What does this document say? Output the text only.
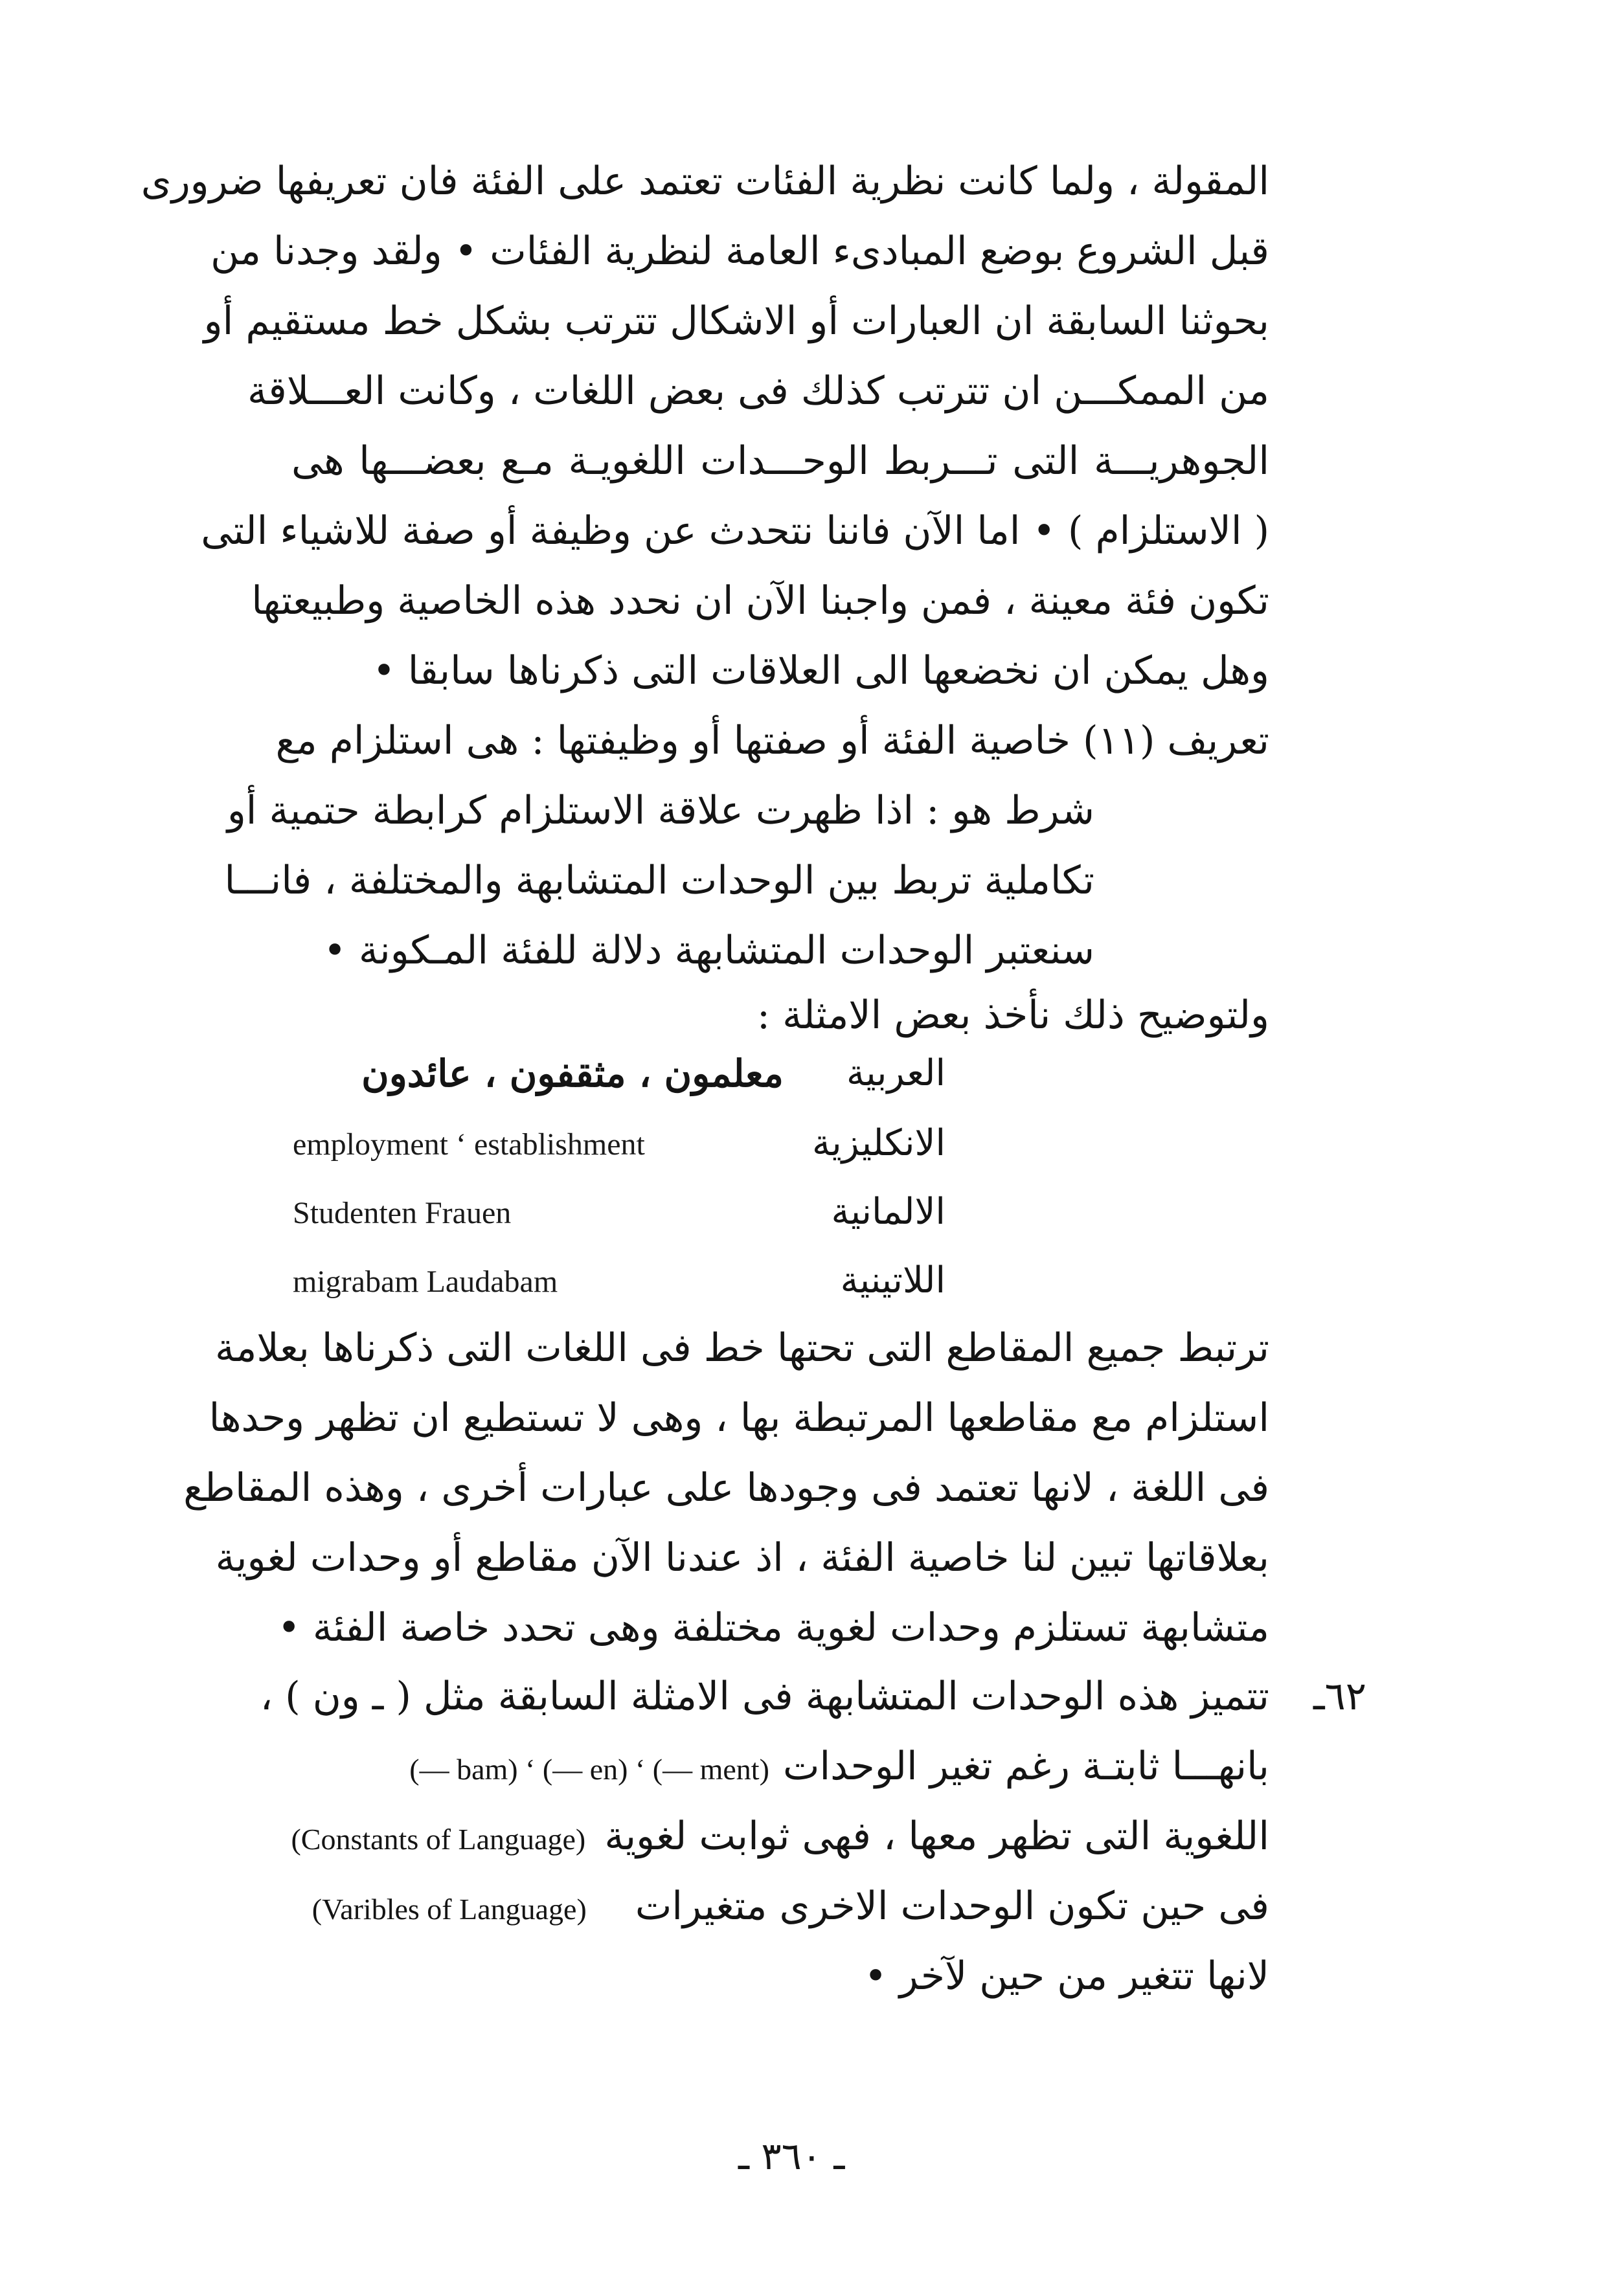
المقولة ، ولما كانت نظرية الفئات تعتمد على الفئة فان تعريفها ضرورى
قبل الشروع بوضع المبادىء العامة لنظرية الفئات • ولقد وجدنا من
بحوثنا السابقة ان العبارات أو الاشكال تترتب بشكل خط مستقيم أو
من الممكـــن ان تترتب كذلك فى بعض اللغات ، وكانت العـــلاقة
الجوهريـــة التى تـــربط الوحـــدات اللغويـة مـع بعضـــها هى
( الاستلزام ) • اما الآن فاننا نتحدث عن وظيفة أو صفة للاشياء التى
تكون فئة معينة ، فمن واجبنا الآن ان نحدد هذه الخاصية وطبيعتها
وهل يمكن ان نخضعها الى العلاقات التى ذكرناها سابقا •
تعريف (١١) خاصية الفئة أو صفتها أو وظيفتها : هى استلزام مع
شرط هو : اذا ظهرت علاقة الاستلزام كرابطة حتمية أو
تكاملية تربط بين الوحدات المتشابهة والمختلفة ، فانـــا
سنعتبر الوحدات المتشابهة دلالة للفئة المـكونة •
ولتوضيح ذلك نأخذ بعض الامثلة :
العربية
معلمون ، مثقفون ، عائدون
الانكليزية
employment ‘ establishment
الالمانية
Studenten Frauen
اللاتينية
migrabam Laudabam
ترتبط جميع المقاطع التى تحتها خط فى اللغات التى ذكرناها بعلامة
استلزام مع مقاطعها المرتبطة بها ، وهى لا تستطيع ان تظهر وحدها
فى اللغة ، لانها تعتمد فى وجودها على عبارات أخرى ، وهذه المقاطع
بعلاقاتها تبين لنا خاصية الفئة ، اذ عندنا الآن مقاطع أو وحدات لغوية
متشابهة تستلزم وحدات لغوية مختلفة وهى تحدد خاصة الفئة •
٦٢ـ
تتميز هذه الوحدات المتشابهة فى الامثلة السابقة مثل ( ـ ون ) ،
بانهـــا ثابتـة رغم تغير الوحدات (— bam) ‘ (— en) ‘ (— ment)
اللغوية التى تظهر معها ، فهى ثوابت لغوية (Constants of Language)
فى حين تكون الوحدات الاخرى متغيرات (Varibles of Language)
لانها تتغير من حين لآخر •
ـ ٣٦٠ ـ
